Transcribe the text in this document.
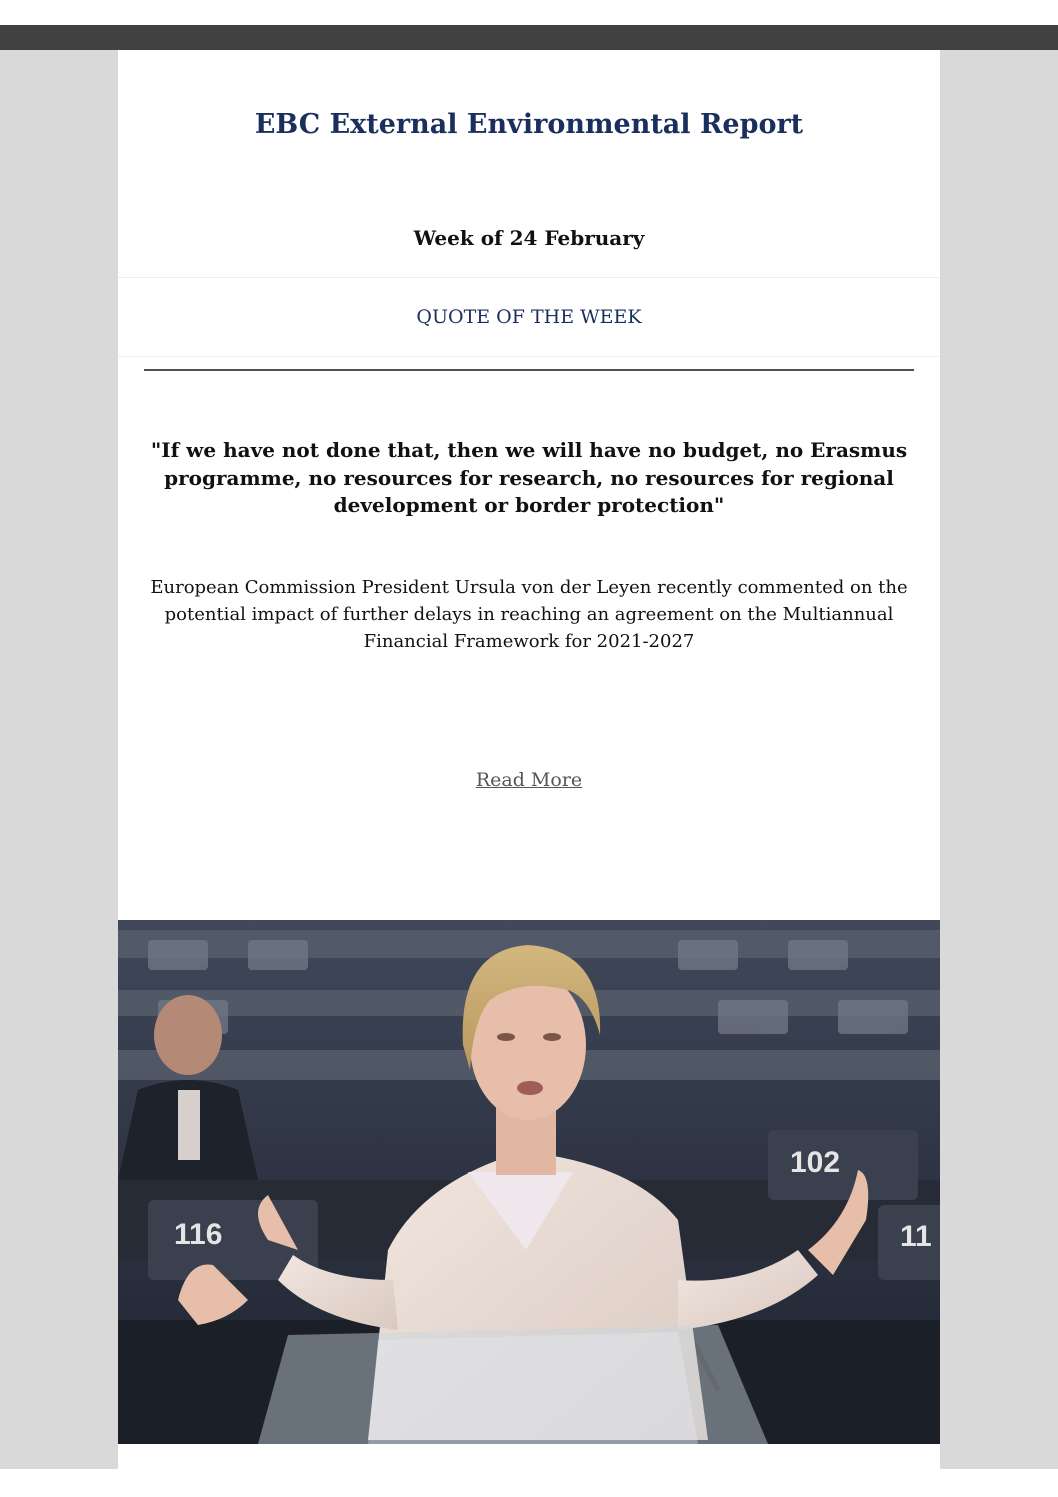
EBC External Environmental Report
Week of 24 February
QUOTE OF THE WEEK
"If we have not done that, then we will have no budget, no Erasmus programme, no resources for research, no resources for regional development or border protection"
European Commission President Ursula von der Leyen recently commented on the potential impact of further delays in reaching an agreement on the Multiannual Financial Framework for 2021-2027
Read More
116
102
11
